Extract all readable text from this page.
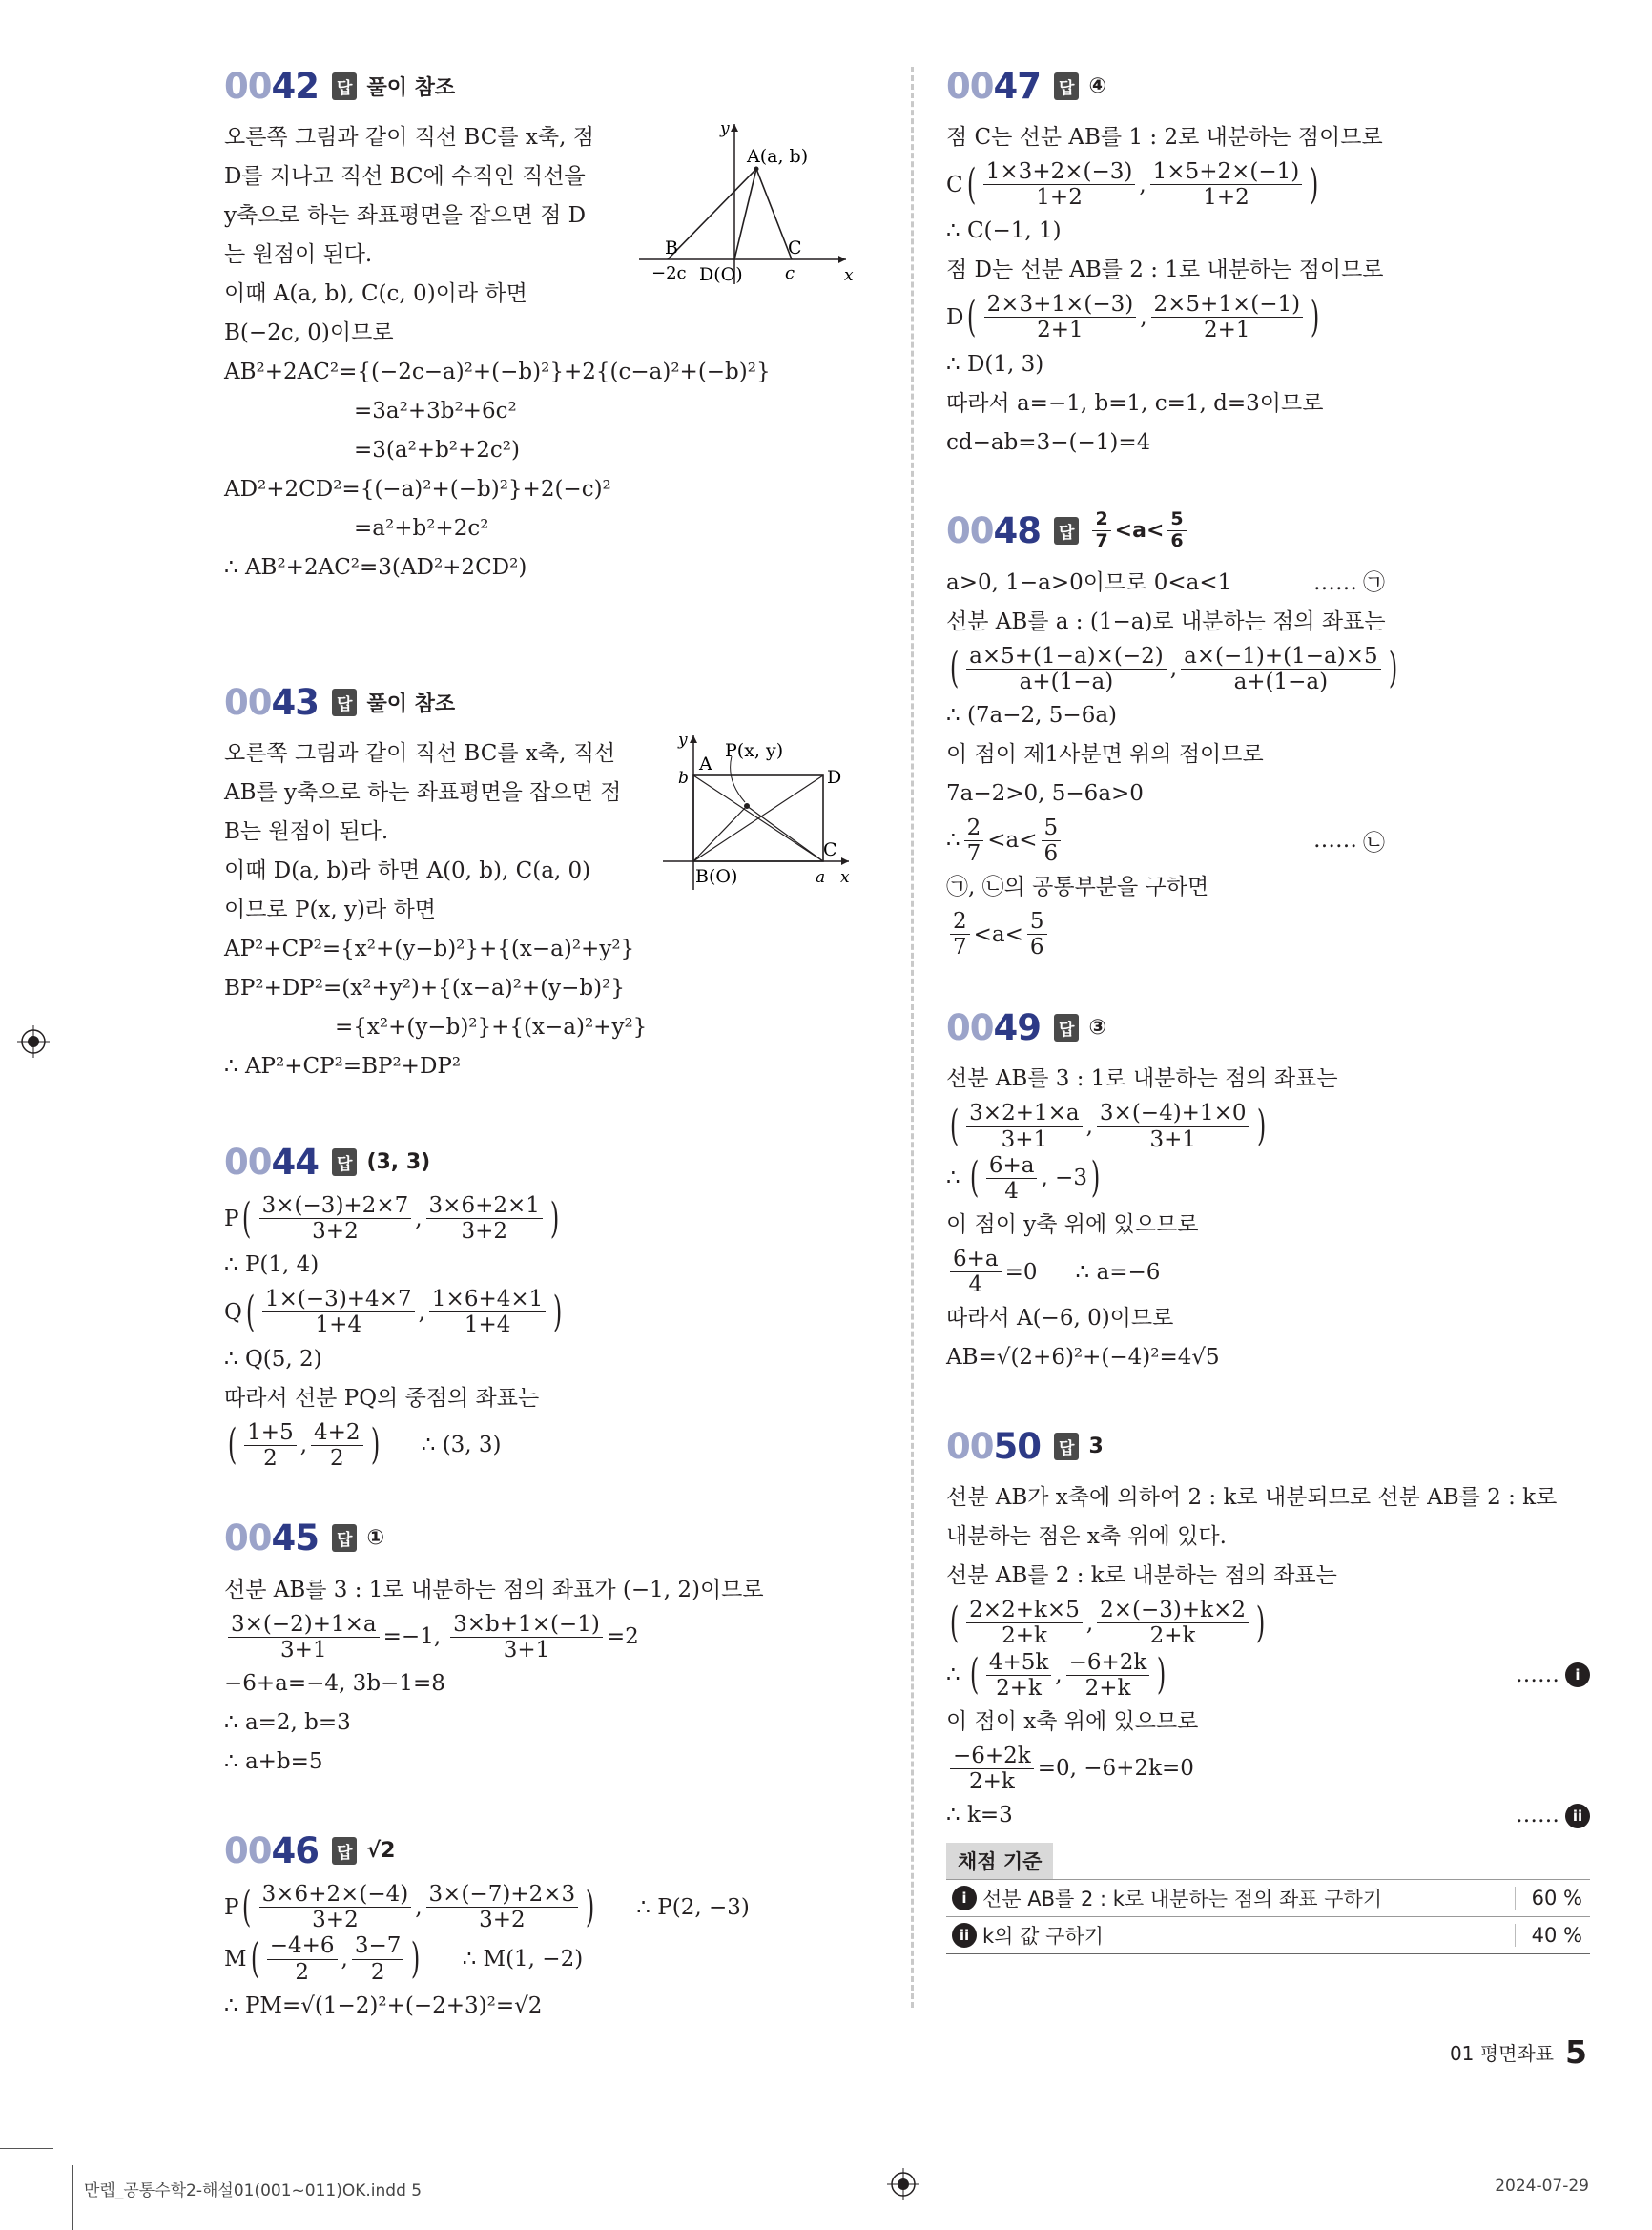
0042 답 풀이 참조
오른쪽 그림과 같이 직선 BC를 x축, 점
D를 지나고 직선 BC에 수직인 직선을
y축으로 하는 좌표평면을 잡으면 점 D
는 원점이 된다.
이때 A(a, b), C(c, 0)이라 하면
B(−2c, 0)이므로
AB²+2AC²={(−2c−a)²+(−b)²}+2{(c−a)²+(−b)²}
=3a²+3b²+6c²
=3(a²+b²+2c²)
AD²+2CD²={(−a)²+(−b)²}+2(−c)²
=a²+b²+2c²
∴ AB²+2AC²=3(AD²+2CD²)
y
x
A(a, b)
B	C
D(O)
−2c	c
0043 답 풀이 참조
오른쪽 그림과 같이 직선 BC를 x축, 직선
AB를 y축으로 하는 좌표평면을 잡으면 점
B는 원점이 된다.
이때 D(a, b)라 하면 A(0, b), C(a, 0)
이므로 P(x, y)라 하면
AP²+CP²={x²+(y−b)²}+{(x−a)²+y²}
BP²+DP²=(x²+y²)+{(x−a)²+(y−b)²}
={x²+(y−b)²}+{(x−a)²+y²}
∴ AP²+CP²=BP²+DP²
y
x
A
b
P(x, y)
D
B(O)
C
a
0044 답 (3, 3)
P ( $\frac{3\times(-3)+2\times 7}{3+2}$ , $\frac{3\times 6+2\times 1}{3+2}$ )
∴ P(1, 4)
Q ( $\frac{1\times(-3)+4\times 7}{1+4}$ , $\frac{1\times 6+4\times 1}{1+4}$ )
∴ Q(5, 2)
따라서 선분 PQ의 중점의 좌표는
( $\frac{1+5}{2}$ , $\frac{4+2}{2}$ ) ∴ (3, 3)
0045 답 ①
선분 AB를 3 : 1로 내분하는 점의 좌표가 (−1, 2)이므로
$\frac{3\times(-2)+1\times a}{3+1} =-1$, $\frac{3\times b+1\times(-1)}{3+1} =2$
−6+a=−4, 3b−1=8
∴ a=2, b=3
∴ a+b=5
0046 답 √2
P ( $\frac{3\times 6+2\times(-4)}{3+2}$ , $\frac{3\times(-7)+2\times 3}{3+2}$ ) ∴ P(2, −3)
M ( $\frac{-4+6}{2}$ , $\frac{3-7}{2}$ ) ∴ M(1, −2)
∴ PM=√(1−2)²+(−2+3)²=√2
0047 답 ④
점 C는 선분 AB를 1 : 2로 내분하는 점이므로
C ( $\frac{1\times 3+2\times(-3)}{1+2}$ , $\frac{1\times 5+2\times(-1)}{1+2}$ )
∴ C(−1, 1)
점 D는 선분 AB를 2 : 1로 내분하는 점이므로
D ( $\frac{2\times 3+1\times(-3)}{2+1}$ , $\frac{2\times 5+1\times(-1)}{2+1}$ )
∴ D(1, 3)
따라서 a=−1, b=1, c=1, d=3이므로
cd−ab=3−(−1)=4
0048 답 $\frac{2}{7} <a< \frac{5}{6}$
a>0, 1−a>0이므로 0<a<1	…… ㉠
선분 AB를 a : (1−a)로 내분하는 점의 좌표는
( $\frac{a\times 5+(1-a)\times(-2)}{a+(1-a)}$ , $\frac{a\times(-1)+(1-a)\times 5}{a+(1-a)}$ )
∴ (7a−2, 5−6a)
이 점이 제1사분면 위의 점이므로
7a−2>0, 5−6a>0
∴ $\frac{2}{7} <a< \frac{5}{6}$	…… ㉡
㉠, ㉡의 공통부분을 구하면
$\frac{2}{7} <a< \frac{5}{6}$
0049 답 ③
선분 AB를 3 : 1로 내분하는 점의 좌표는
( $\frac{3\times 2+1\times a}{3+1}$ , $\frac{3\times(-4)+1\times 0}{3+1}$ )
∴ ( $\frac{6+a}{4}$ , −3 )
이 점이 y축 위에 있으므로
$\frac{6+a}{4} =0$ ∴ a=−6
따라서 A(−6, 0)이므로
AB=√(2+6)²+(−4)²=4√5
0050 답 3
선분 AB가 x축에 의하여 2 : k로 내분되므로 선분 AB를 2 : k로
내분하는 점은 x축 위에 있다.
선분 AB를 2 : k로 내분하는 점의 좌표는
( $\frac{2\times 2+k\times 5}{2+k}$ , $\frac{2\times(-3)+k\times 2}{2+k}$ )
∴ ( $\frac{4+5k}{2+k}$ , $\frac{-6+2k}{2+k}$ )	……	i
이 점이 x축 위에 있으므로
$\frac{-6+2k}{2+k} =0$, −6+2k=0
∴ k=3	…… ii
채점 기준
i 선분 AB를 2 : k로 내분하는 점의 좌표 구하기	60 %
ii k의 값 구하기	40 %
01 평면좌표 5
만렙_공통수학2-해설01(001~011)OK.indd 5	2024-07-29
